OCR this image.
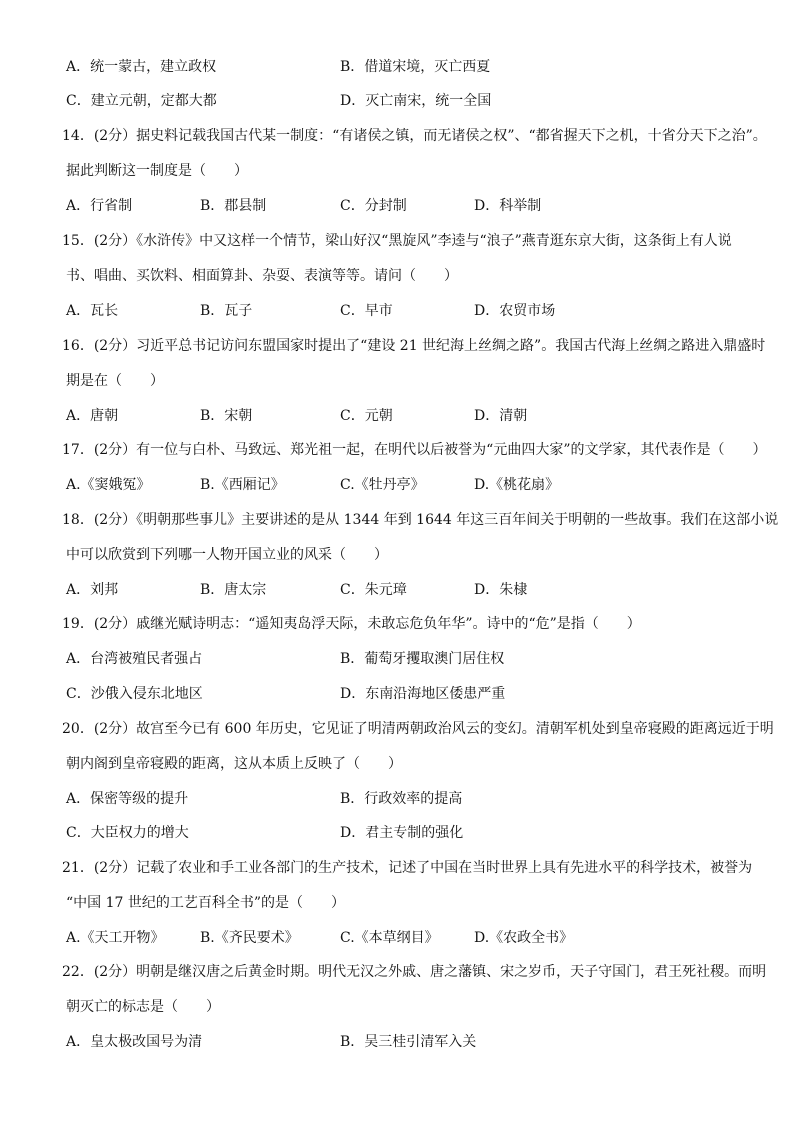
A．统一蒙古，建立政权	B．借道宋境，灭亡西夏
C．建立元朝，定都大都	D．灭亡南宋，统一全国
14．(2分）据史料记载我国古代某一制度：“有诸侯之镇，而无诸侯之权”、“都省握天下之机，十省分天下之治”。
据此判断这一制度是（　　）
A．行省制	B．郡县制	C．分封制	D．科举制
15．(2分）《水浒传》中又这样一个情节，梁山好汉“黑旋风”李逵与“浪子”燕青逛东京大街，这条街上有人说
书、唱曲、买饮料、相面算卦、杂耍、表演等等。请问（　　）
A．瓦长	B．瓦子	C．早市	D．农贸市场
16．(2分）习近平总书记访问东盟国家时提出了“建设 21 世纪海上丝绸之路”。我国古代海上丝绸之路进入鼎盛时
期是在（　　）
A．唐朝	B．宋朝	C．元朝	D．清朝
17．(2分）有一位与白朴、马致远、郑光祖一起，在明代以后被誉为“元曲四大家”的文学家，其代表作是（　　）
A.《窦娥冤》	B.《西厢记》	C.《牡丹亭》	D.《桃花扇》
18．(2分）《明朝那些事儿》主要讲述的是从 1344 年到 1644 年这三百年间关于明朝的一些故事。我们在这部小说
中可以欣赏到下列哪一人物开国立业的风采（　　）
A．刘邦	B．唐太宗	C．朱元璋	D．朱棣
19．(2分）戚继光赋诗明志：“遥知夷岛浮天际，未敢忘危负年华”。诗中的“危”是指（　　）
A．台湾被殖民者强占	B．葡萄牙攫取澳门居住权
C．沙俄入侵东北地区	D．东南沿海地区倭患严重
20．(2分）故宫至今已有 600 年历史，它见证了明清两朝政治风云的变幻。清朝军机处到皇帝寝殿的距离远近于明
朝内阁到皇帝寝殿的距离，这从本质上反映了（　　）
A．保密等级的提升	B．行政效率的提高
C．大臣权力的增大	D．君主专制的强化
21．(2分）记载了农业和手工业各部门的生产技术，记述了中国在当时世界上具有先进水平的科学技术，被誉为
“中国 17 世纪的工艺百科全书”的是（　　）
A.《天工开物》	B.《齐民要术》	C.《本草纲目》	D.《农政全书》
22．(2分）明朝是继汉唐之后黄金时期。明代无汉之外戚、唐之藩镇、宋之岁币，天子守国门，君王死社稷。而明
朝灭亡的标志是（　　）
A．皇太极改国号为清	B．吴三桂引清军入关
